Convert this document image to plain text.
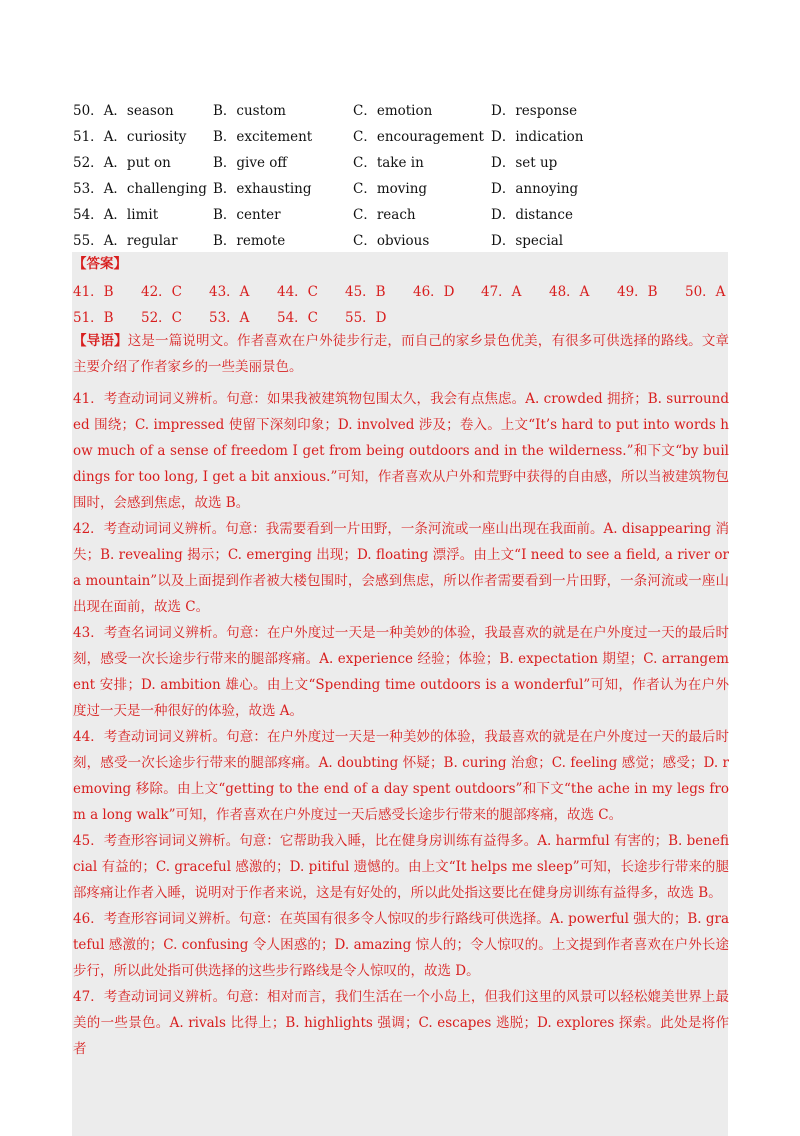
50．A．season	B．custom	C．emotion	D．response
51．A．curiosity B．excitement	C．encouragement D．indication
52．A．put on	B．give off	C．take in	D．set up
53．A．challenging B．exhausting	C．moving	D．annoying
54．A．limit	B．center	C．reach	D．distance
55．A．regular	B．remote	C．obvious	D．special
【答案】
41．B 42．C 43．A 44．C 45．B 46．D 47．A 48．A 49．B 50．A
51．B 52．C 53．A 54．C 55．D

【导语】这是一篇说明文。作者喜欢在户外徒步行走，而自己的家乡景色优美，有很多可供选择的路线。文章主要介绍了作者家乡的一些美丽景色。

41．考查动词词义辨析。句意：如果我被建筑物包围太久，我会有点焦虑。A. crowded 拥挤；B. surrounded 围绕；C. impressed 使留下深刻印象；D. involved 涉及；卷入。上文“It’s hard to put into words how much of a sense of freedom I get from being outdoors and in the wilderness.”和下文“by buildings for too long, I get a bit anxious.”可知，作者喜欢从户外和荒野中获得的自由感，所以当被建筑物包围时，会感到焦虑，故选 B。

42．考查动词词义辨析。句意：我需要看到一片田野，一条河流或一座山出现在我面前。A. disappearing 消失；B. revealing 揭示；C. emerging 出现；D. floating 漂浮。由上文“I need to see a field, a river or a mountain”以及上面提到作者被大楼包围时，会感到焦虑，所以作者需要看到一片田野，一条河流或一座山出现在面前，故选 C。

43．考查名词词义辨析。句意：在户外度过一天是一种美妙的体验，我最喜欢的就是在户外度过一天的最后时刻，感受一次长途步行带来的腿部疼痛。A. experience 经验；体验；B. expectation 期望；C. arrangement 安排；D. ambition 雄心。由上文“Spending time outdoors is a wonderful”可知，作者认为在户外度过一天是一种很好的体验，故选 A。

44．考查动词词义辨析。句意：在户外度过一天是一种美妙的体验，我最喜欢的就是在户外度过一天的最后时刻，感受一次长途步行带来的腿部疼痛。A. doubting 怀疑；B. curing 治愈；C. feeling 感觉；感受；D. removing 移除。由上文“getting to the end of a day spent outdoors”和下文“the ache in my legs from a long walk”可知，作者喜欢在户外度过一天后感受长途步行带来的腿部疼痛，故选 C。

45．考查形容词词义辨析。句意：它帮助我入睡，比在健身房训练有益得多。A. harmful 有害的；B. beneficial 有益的；C. graceful 感激的；D. pitiful 遗憾的。由上文“It helps me sleep”可知，长途步行带来的腿部疼痛让作者入睡，说明对于作者来说，这是有好处的，所以此处指这要比在健身房训练有益得多，故选 B。

46．考查形容词词义辨析。句意：在英国有很多令人惊叹的步行路线可供选择。A. powerful 强大的；B. grateful 感激的；C. confusing 令人困惑的；D. amazing 惊人的；令人惊叹的。上文提到作者喜欢在户外长途步行，所以此处指可供选择的这些步行路线是令人惊叹的，故选 D。

47．考查动词词义辨析。句意：相对而言，我们生活在一个小岛上，但我们这里的风景可以轻松媲美世界上最美的一些景色。A. rivals 比得上；B. highlights 强调；C. escapes 逃脱；D. explores 探索。此处是将作者
